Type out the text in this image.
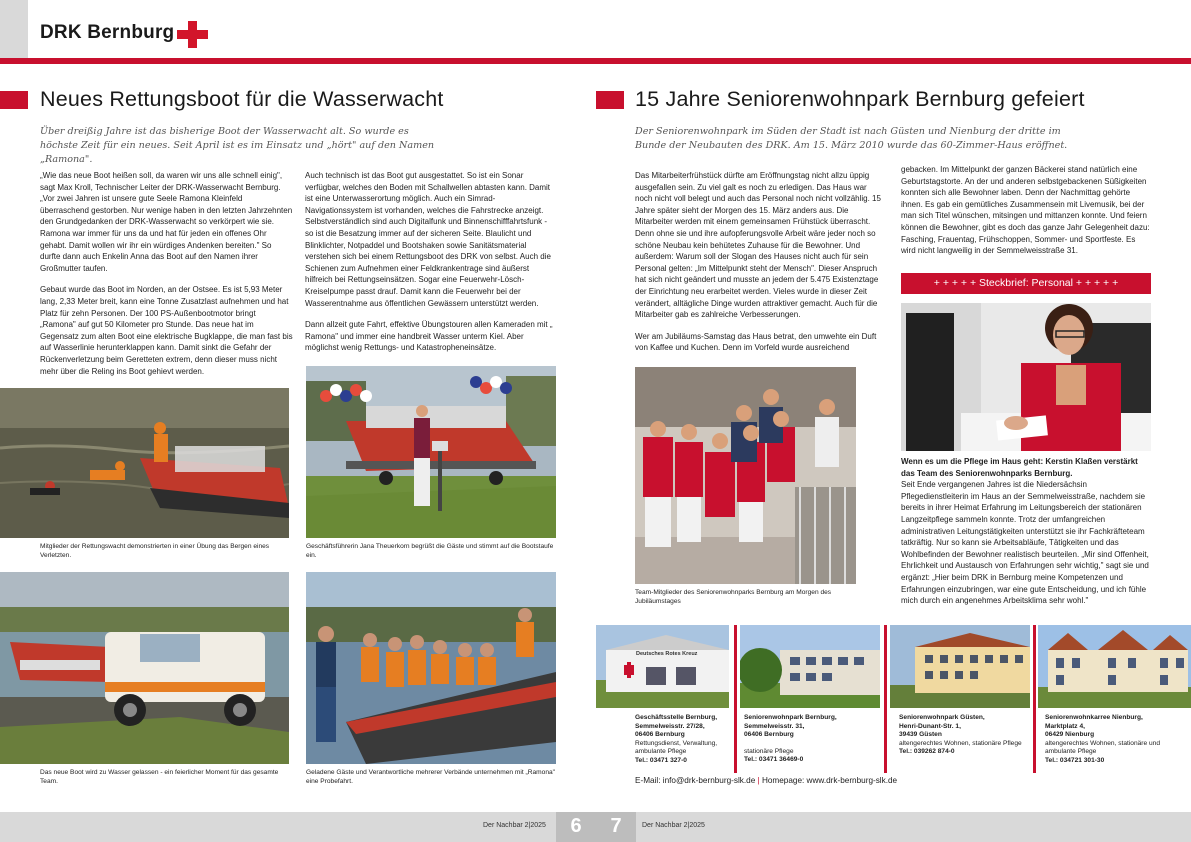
DRK Bernburg
Neues Rettungsboot für die Wasserwacht
Über dreißig Jahre ist das bisherige Boot der Wasserwacht alt. So wurde es höchste Zeit für ein neues. Seit April ist es im Einsatz und „hört" auf den Namen „Ramona".

„Wie das neue Boot heißen soll, da waren wir uns alle schnell einig", sagt Max Kroll, Technischer Leiter der DRK-Wasserwacht Bernburg. „Vor zwei Jahren ist unsere gute Seele Ramona Kleinfeld überraschend gestorben. Nur wenige haben in den letzten Jahrzehnten den Grundgedanken der DRK-Wasserwacht so verkörpert wie sie. Ramona war immer für uns da und hat für jeden ein offenes Ohr gehabt. Damit wollen wir ihr ein würdiges Andenken bereiten." So durfte dann auch Enkelin Anna das Boot auf den Namen ihrer Großmutter taufen.

Gebaut wurde das Boot im Norden, an der Ostsee. Es ist 5,93 Meter lang, 2,33 Meter breit, kann eine Tonne Zusatzlast aufnehmen und hat Platz für zehn Personen. Der 100 PS-Außenbootmotor bringt „Ramona" auf gut 50 Kilometer pro Stunde. Das neue hat im Gegensatz zum alten Boot eine elektrische Bugklappe, die man fast bis auf Wasserlinie herunterklappen kann. Damit sinkt die Gefahr der Rückenverletzung beim Geretteten extrem, denn dieser muss nicht mehr über die Reling ins Boot gehievt werden.

Auch technisch ist das Boot gut ausgestattet. So ist ein Sonar verfügbar, welches den Boden mit Schallwellen abtasten kann. Damit ist eine Unterwasserortung möglich. Auch ein Simrad-Navigationssystem ist vorhanden, welches die Fahrstrecke anzeigt. Selbstverständlich sind auch Digitalfunk und Binnenschifffahrtsfunk - so ist die Besatzung immer auf der sicheren Seite. Blaulicht und Blinklichter, Notpaddel und Bootshaken sowie Sanitätsmaterial verstehen sich bei einem Rettungsboot des DRK von selbst. Auch die Schienen zum Aufnehmen einer Feldkrankentrage sind äußerst hilfreich bei Rettungseinsätzen. Sogar eine Feuerwehr-Lösch-Kreiselpumpe passt drauf. Damit kann die Feuerwehr bei der Wasserentnahme aus öffentlichen Gewässern unterstützt werden.

Dann allzeit gute Fahrt, effektive Übungstouren allen Kameraden mit „ Ramona" und immer eine handbreit Wasser unterm Kiel. Aber möglichst wenig Rettungs- und Katastropheneinsätze.

Mitglieder der Rettungswacht demonstrierten in einer Übung das Bergen eines Verletzten.
Geschäftsführerin Jana Theuerkorn begrüßt die Gäste und stimmt auf die Bootstaufe ein.
Das neue Boot wird zu Wasser gelassen - ein feierlicher Moment für das gesamte Team.
Geladene Gäste und Verantwortliche mehrerer Verbände unternehmen mit „Ramona" eine Probefahrt.
15 Jahre Seniorenwohnpark Bernburg gefeiert
Der Seniorenwohnpark im Süden der Stadt ist nach Güsten und Nienburg der dritte im Bunde der Neubauten des DRK. Am 15. März 2010 wurde das 60-Zimmer-Haus eröffnet.

Das Mitarbeiterfrühstück dürfte am Eröffnungstag nicht allzu üppig ausgefallen sein. Zu viel galt es noch zu erledigen. Das Haus war noch nicht voll belegt und auch das Personal noch nicht vollzählig. 15 Jahre später sieht der Morgen des 15. März anders aus. Die Mitarbeiter werden mit einem gemeinsamen Frühstück überrascht. Denn ohne sie und ihre aufopferungsvolle Arbeit wäre jeder noch so schöne Neubau kein behütetes Zuhause für die Bewohner. Und außerdem: Warum soll der Slogan des Hauses nicht auch für sein Personal gelten: „Im Mittelpunkt steht der Mensch". Dieser Anspruch hat sich nicht geändert und musste an jedem der 5.475 Existenztage der Einrichtung neu erarbeitet werden. Vieles wurde in dieser Zeit verändert, alltägliche Dinge wurden attraktiver gemacht. Auch für die Mitarbeiter gab es zahlreiche Verbesserungen.

Wer am Jubiläums-Samstag das Haus betrat, den umwehte ein Duft von Kaffee und Kuchen. Denn im Vorfeld wurde ausreichend

gebacken. Im Mittelpunkt der ganzen Bäckerei stand natürlich eine Geburtstagstorte. An der und anderen selbstgebackenen Süßigkeiten konnten sich alle Bewohner laben. Denn der Nachmittag gehörte ihnen. Es gab ein gemütliches Zusammensein mit Livemusik, bei der man sich Titel wünschen, mitsingen und mittanzen konnte. Und feiern können die Bewohner, gibt es doch das ganze Jahr Gelegenheit dazu: Fasching, Frauentag, Frühschoppen, Sommer- und Sportfeste. Es wird nicht langweilig in der Semmelweisstraße 31.
+ + + + + Steckbrief: Personal + + + + +
Team-Mitglieder des Seniorenwohnparks Bernburg am Morgen des Jubiläumstages
Wenn es um die Pflege im Haus geht: Kerstin Klaßen verstärkt das Team des Seniorenwohnparks Bernburg.
Seit Ende vergangenen Jahres ist die Niedersächsin Pflegedienstleiterin im Haus an der Semmelweisstraße, nachdem sie bereits in ihrer Heimat Erfahrung im Leitungsbereich der stationären Langzeitpflege sammeln konnte. Trotz der umfangreichen administrativen Leitungstätigkeiten unterstützt sie ihr Fachkräfteteam tatkräftig. Nur so kann sie Arbeitsabläufe, Tätigkeiten und das Wohlbefinden der Bewohner realistisch beurteilen. „Mir sind Offenheit, Ehrlichkeit und Austausch von Erfahrungen sehr wichtig," sagt sie und ergänzt: „Hier beim DRK in Bernburg meine Kompetenzen und Erfahrungen einzubringen, war eine gute Entscheidung, und ich fühle mich durch ein angenehmes Arbeitsklima sehr wohl."
Deutsches Rotes Kreuz
Geschäftsstelle Bernburg,
Semmelweisstr. 27/28,
06406 Bernburg
Rettungsdienst, Verwaltung, ambulante Pflege
Tel.: 03471 327-0
Seniorenwohnpark Bernburg,
Semmelweisstr. 31,
06406 Bernburg
stationäre Pflege
Tel.: 03471 36469-0
Seniorenwohnpark Güsten,
Henri-Dunant-Str. 1,
39439 Güsten
altengerechtes Wohnen, stationäre Pflege
Tel.: 039262 874-0
Seniorenwohnkarree Nienburg,
Marktplatz 4,
06429 Nienburg
altengerechtes Wohnen, stationäre und ambulante Pflege
Tel.: 034721 301-30
E-Mail: info@drk-bernburg-slk.de | Homepage: www.drk-bernburg-slk.de
Der Nachbar 2|2025	6	7	Der Nachbar 2|2025
